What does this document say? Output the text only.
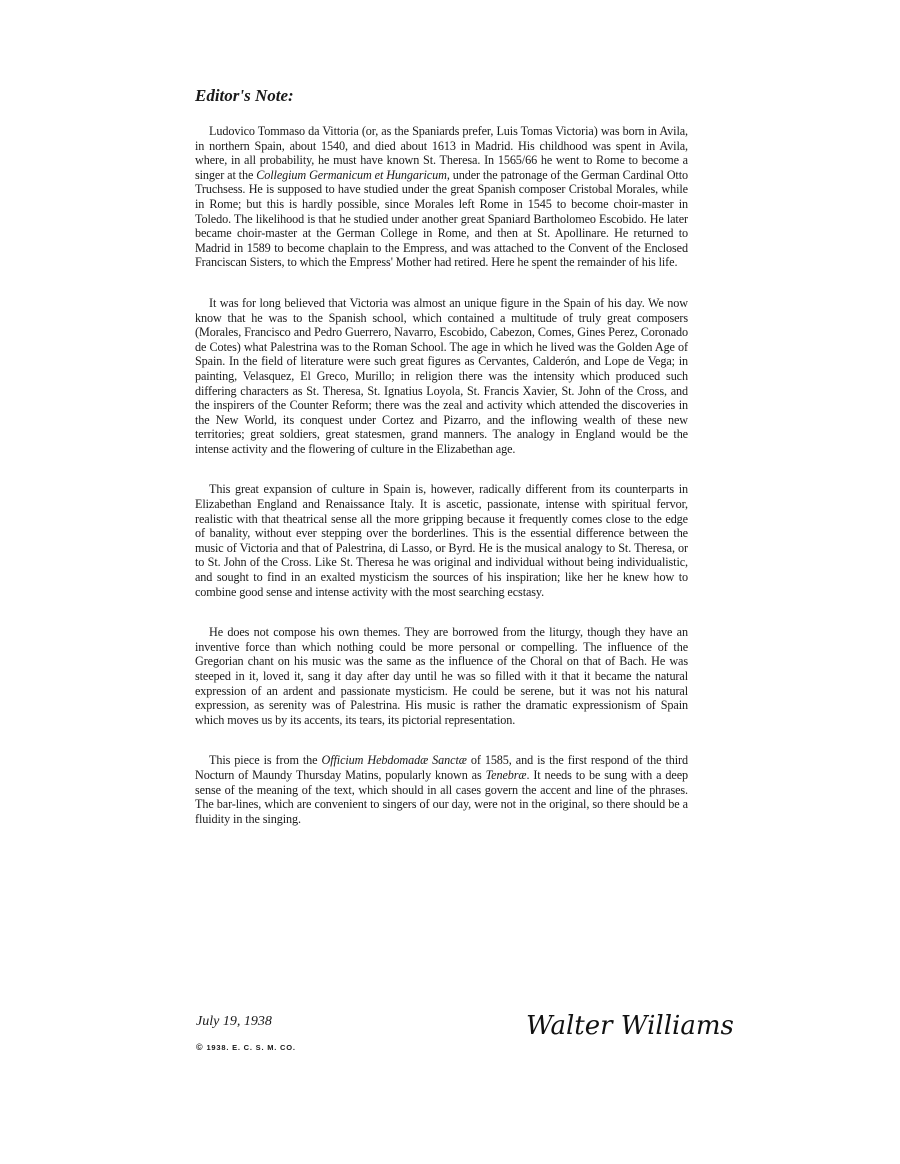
Editor's Note:

Ludovico Tommaso da Vittoria (or, as the Spaniards prefer, Luis Tomas Victoria) was born in Avila, in northern Spain, about 1540, and died about 1613 in Madrid. His childhood was spent in Avila, where, in all probability, he must have known St. Theresa. In 1565/66 he went to Rome to become a singer at the Collegium Germanicum et Hungaricum, under the patronage of the German Cardinal Otto Truchsess. He is supposed to have studied under the great Spanish composer Cristobal Morales, while in Rome; but this is hardly possible, since Morales left Rome in 1545 to become choir-master in Toledo. The likelihood is that he studied under another great Spaniard Bartholomeo Escobido. He later became choir-master at the German College in Rome, and then at St. Apollinare. He returned to Madrid in 1589 to become chaplain to the Empress, and was attached to the Convent of the Enclosed Franciscan Sisters, to which the Empress' Mother had retired. Here he spent the remainder of his life.

It was for long believed that Victoria was almost an unique figure in the Spain of his day. We now know that he was to the Spanish school, which contained a multitude of truly great composers (Morales, Francisco and Pedro Guerrero, Navarro, Escobido, Cabezon, Comes, Gines Perez, Coronado de Cotes) what Palestrina was to the Roman School. The age in which he lived was the Golden Age of Spain. In the field of literature were such great figures as Cervantes, Calderón, and Lope de Vega; in painting, Velasquez, El Greco, Murillo; in religion there was the intensity which produced such differing characters as St. Theresa, St. Ignatius Loyola, St. Francis Xavier, St. John of the Cross, and the inspirers of the Counter Reform; there was the zeal and activity which attended the discoveries in the New World, its conquest under Cortez and Pizarro, and the inflowing wealth of these new territories; great soldiers, great statesmen, grand manners. The analogy in England would be the intense activity and the flowering of culture in the Elizabethan age.

This great expansion of culture in Spain is, however, radically different from its counterparts in Elizabethan England and Renaissance Italy. It is ascetic, passionate, intense with spiritual fervor, realistic with that theatrical sense all the more gripping because it frequently comes close to the edge of banality, without ever stepping over the borderlines. This is the essential difference between the music of Victoria and that of Palestrina, di Lasso, or Byrd. He is the musical analogy to St. Theresa, or to St. John of the Cross. Like St. Theresa he was original and individual without being individualistic, and sought to find in an exalted mysticism the sources of his inspiration; like her he knew how to combine good sense and intense activity with the most searching ecstasy.

He does not compose his own themes. They are borrowed from the liturgy, though they have an inventive force than which nothing could be more personal or compelling. The influence of the Gregorian chant on his music was the same as the influence of the Choral on that of Bach. He was steeped in it, loved it, sang it day after day until he was so filled with it that it became the natural expression of an ardent and passionate mysticism. He could be serene, but it was not his natural expression, as serenity was of Palestrina. His music is rather the dramatic expressionism of Spain which moves us by its accents, its tears, its pictorial representation.

This piece is from the Officium Hebdomadæ Sanctæ of 1585, and is the first respond of the third Nocturn of Maundy Thursday Matins, popularly known as Tenebræ. It needs to be sung with a deep sense of the meaning of the text, which should in all cases govern the accent and line of the phrases. The bar-lines, which are convenient to singers of our day, were not in the original, so there should be a fluidity in the singing.

July 19, 1938

© 1938. E. C. S. M. CO.

Walter Williams
